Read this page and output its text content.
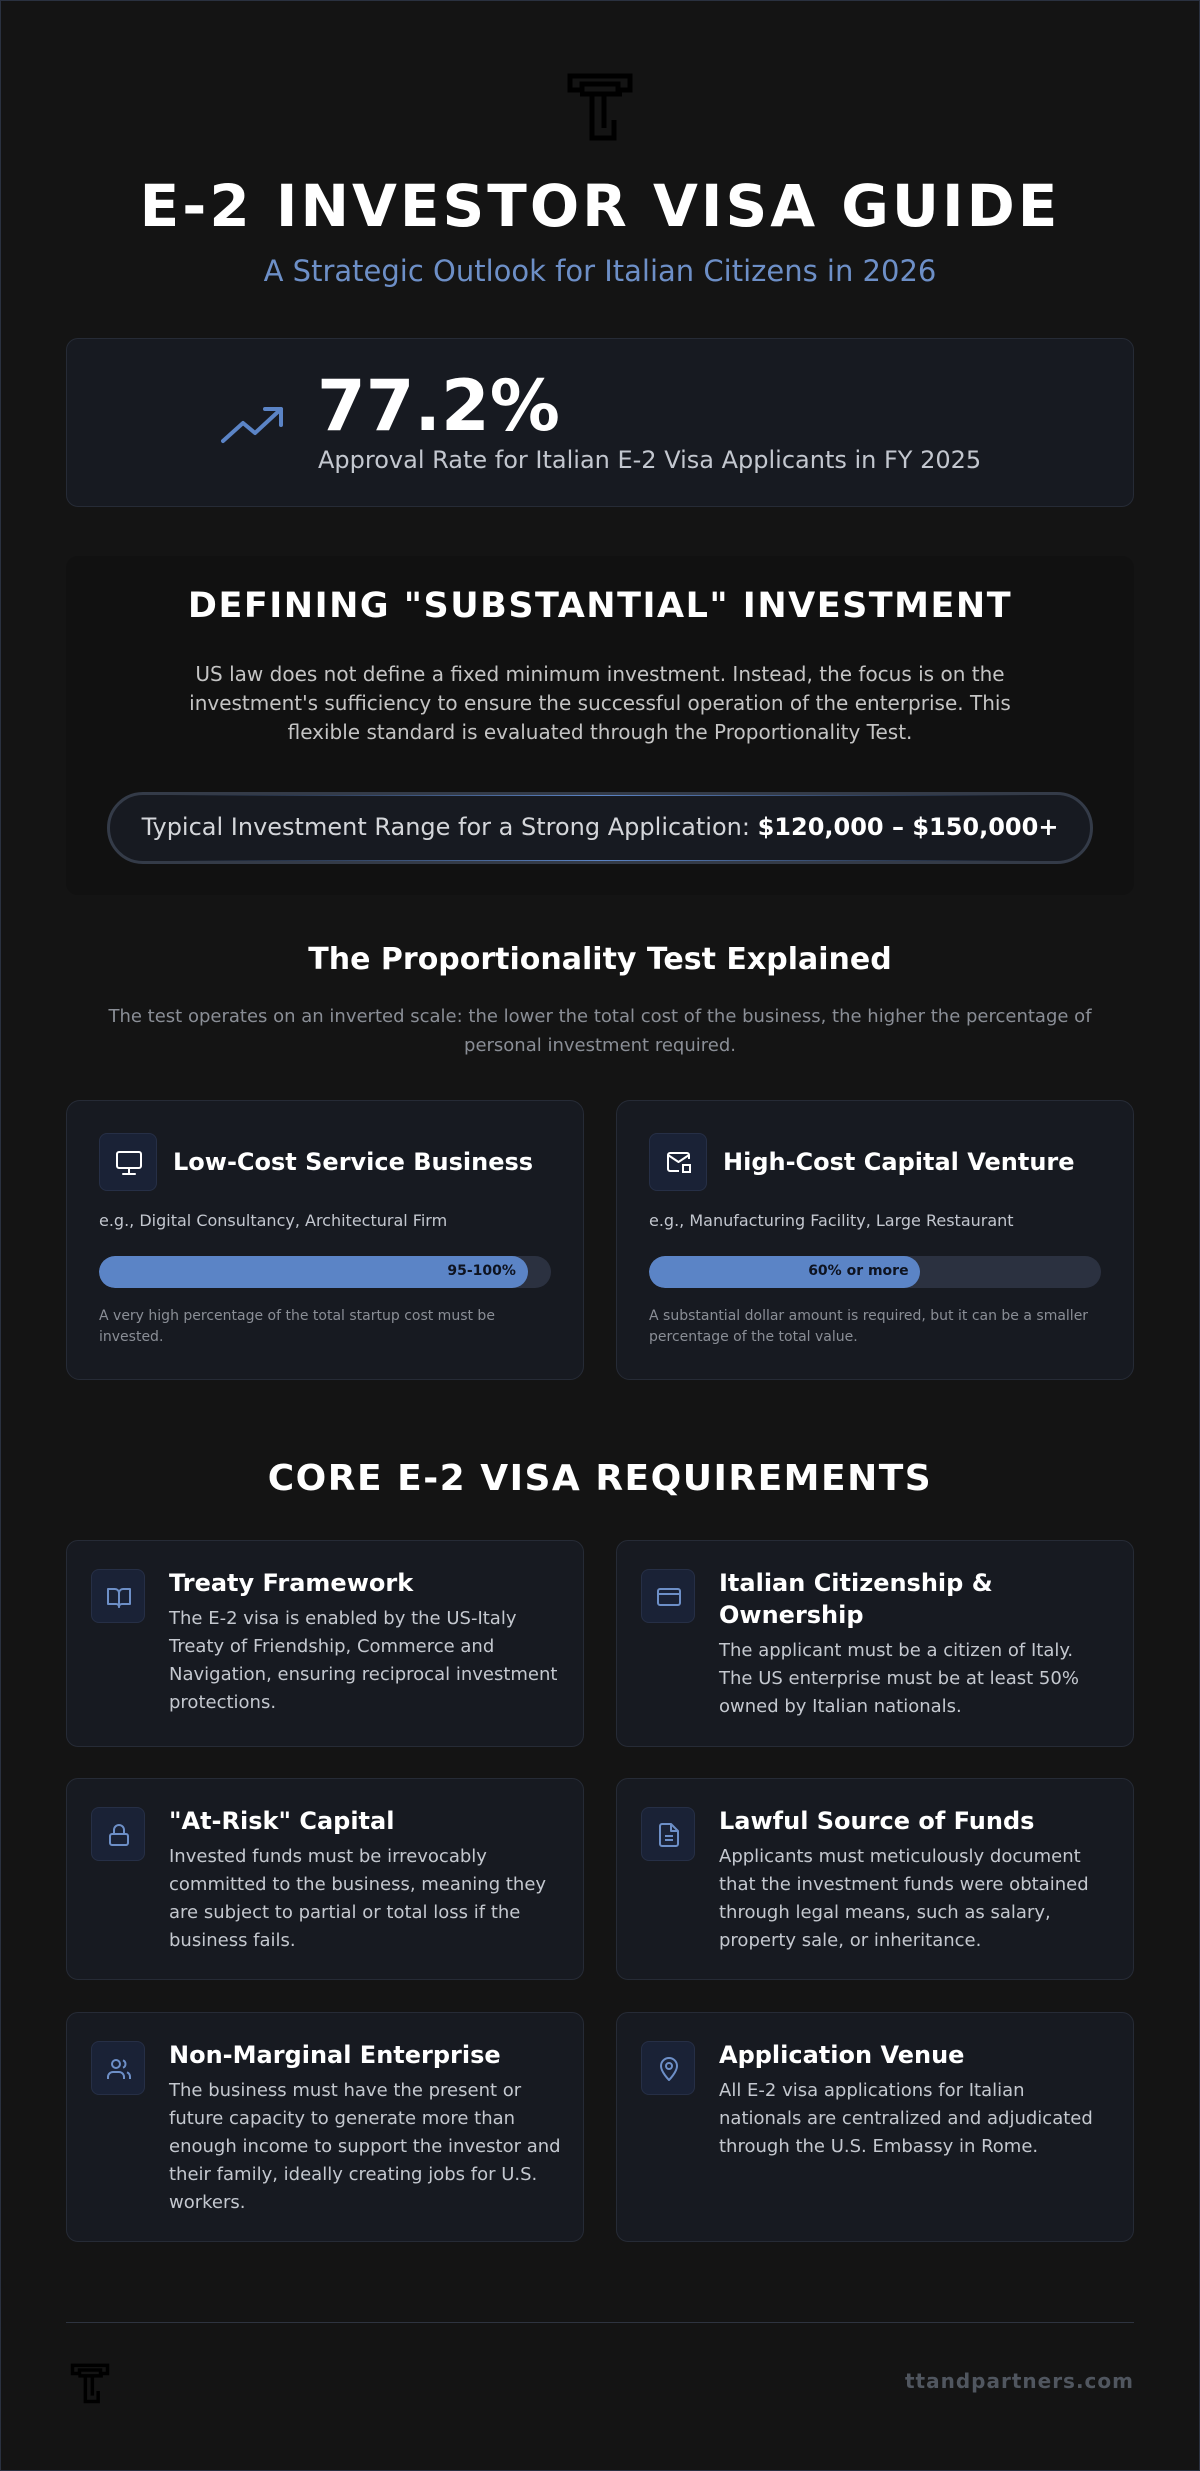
E-2 INVESTOR VISA GUIDE
A Strategic Outlook for Italian Citizens in 2026
77.2%
Approval Rate for Italian E-2 Visa Applicants in FY 2025
DEFINING "SUBSTANTIAL" INVESTMENT
US law does not define a fixed minimum investment. Instead, the focus is on the investment's sufficiency to ensure the successful operation of the enterprise. This flexible standard is evaluated through the Proportionality Test.
Typical Investment Range for a Strong Application: $120,000 – $150,000+
The Proportionality Test Explained
The test operates on an inverted scale: the lower the total cost of the business, the higher the percentage of personal investment required.
Low-Cost Service Business
e.g., Digital Consultancy, Architectural Firm
95-100%
A very high percentage of the total startup cost must be invested.
High-Cost Capital Venture
e.g., Manufacturing Facility, Large Restaurant
60% or more
A substantial dollar amount is required, but it can be a smaller percentage of the total value.
CORE E-2 VISA REQUIREMENTS
Treaty Framework
The E-2 visa is enabled by the US-Italy Treaty of Friendship, Commerce and Navigation, ensuring reciprocal investment protections.
Italian Citizenship & Ownership
The applicant must be a citizen of Italy. The US enterprise must be at least 50% owned by Italian nationals.
"At-Risk" Capital
Invested funds must be irrevocably committed to the business, meaning they are subject to partial or total loss if the business fails.
Lawful Source of Funds
Applicants must meticulously document that the investment funds were obtained through legal means, such as salary, property sale, or inheritance.
Non-Marginal Enterprise
The business must have the present or future capacity to generate more than enough income to support the investor and their family, ideally creating jobs for U.S. workers.
Application Venue
All E-2 visa applications for Italian nationals are centralized and adjudicated through the U.S. Embassy in Rome.
ttandpartners.com
